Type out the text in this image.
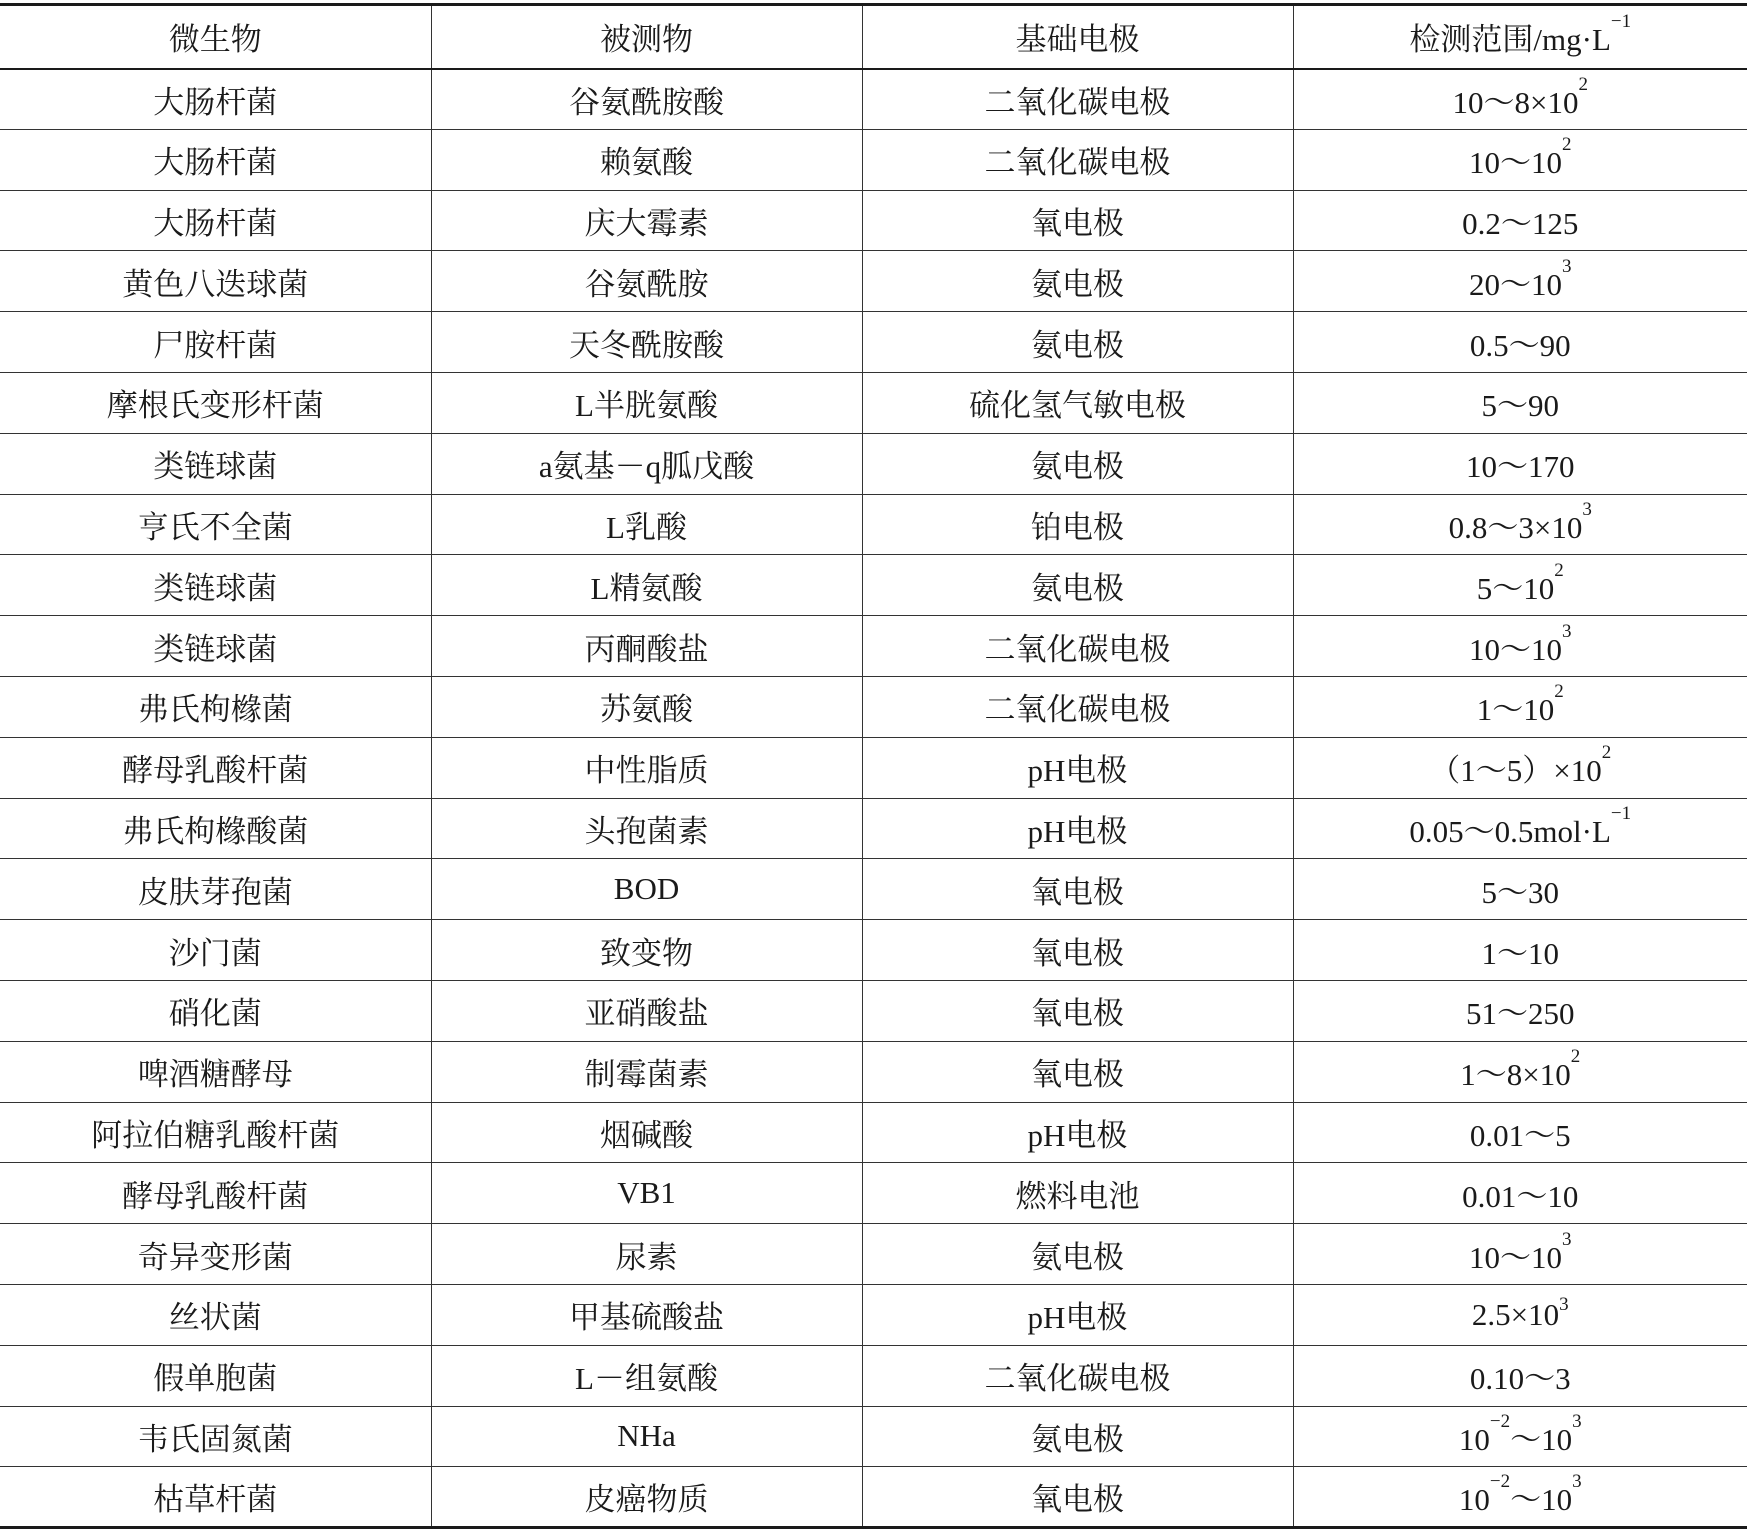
微生物	被测物	基础电极	检测范围$/mg\cdot L^{-1}$
大肠杆菌	谷氨酰胺酸	二氧化碳电极	$10\sim 8\times 10^2$
大肠杆菌	赖氨酸	二氧化碳电极	$10\sim 10^2$
大肠杆菌	庆大霉素	氧电极	0.2～125
黄色八迭球菌	谷氨酰胺	氨电极	$20\sim 10^3$
尸胺杆菌	天冬酰胺酸	氨电极	0.5～90
摩根氏变形杆菌	L半胱氨酸	硫化氢气敏电极	5～90
类链球菌	a氨基－q胍戊酸	氨电极	10～170
亨氏不全菌	L乳酸	铂电极	$0.8\sim 3\times 10^3$
类链球菌	L精氨酸	氨电极	$5\sim 10^2$
类链球菌	丙酮酸盐	二氧化碳电极	$10\sim 10^3$
弗氏枸橼菌	苏氨酸	二氧化碳电极	$1\sim 10^2$
酵母乳酸杆菌	中性脂质	pH电极	$(1\sim 5)\times 10^2$
弗氏枸橼酸菌	头孢菌素	pH电极	$0.05\sim 0.5mol\cdot L^{-1}$
皮肤芽孢菌	BOD	氧电极	5～30
沙门菌	致变物	氧电极	1～10
硝化菌	亚硝酸盐	氧电极	51～250
啤酒糖酵母	制霉菌素	氧电极	$1\sim 8\times 10^2$
阿拉伯糖乳酸杆菌	烟碱酸	pH电极	0.01～5
酵母乳酸杆菌	VB1	燃料电池	0.01～10
奇异变形菌	尿素	氨电极	$10\sim 10^3$
丝状菌	甲基硫酸盐	pH电极	$2.5\times 10^3$
假单胞菌	L－组氨酸	二氧化碳电极	0.10～3
韦氏固氮菌	NHa	氨电极	$10^{-2}\sim 10^3$
枯草杆菌	皮癌物质	氧电极	$10^{-2}\sim 10^3$
